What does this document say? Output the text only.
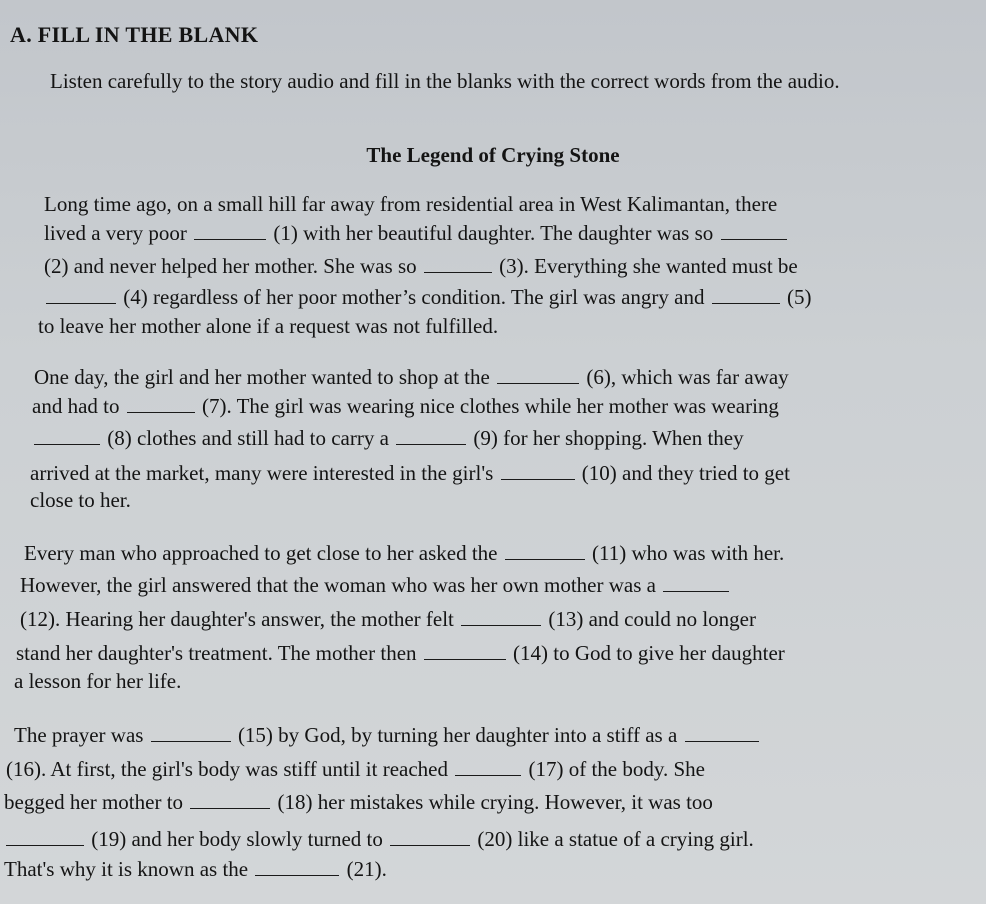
A. FILL IN THE BLANK

Listen carefully to the story audio and fill in the blanks with the correct words from the audio.

The Legend of Crying Stone
Long time ago, on a small hill far away from residential area in West Kalimantan, there
lived a very poor	(1) with her beautiful daughter. The daughter was so
(2) and never helped her mother. She was so	(3). Everything she wanted must be
(4) regardless of her poor mother’s condition. The girl was angry and	(5)
to leave her mother alone if a request was not fulfilled.
One day, the girl and her mother wanted to shop at the	(6), which was far away
and had to	(7). The girl was wearing nice clothes while her mother was wearing
(8) clothes and still had to carry a	(9) for her shopping. When they
arrived at the market, many were interested in the girl's	(10) and they tried to get
close to her.
Every man who approached to get close to her asked the	(11) who was with her.
However, the girl answered that the woman who was her own mother was a
(12). Hearing her daughter's answer, the mother felt	(13) and could no longer
stand her daughter's treatment. The mother then	(14) to God to give her daughter
a lesson for her life.
The prayer was	(15) by God, by turning her daughter into a stiff as a
(16). At first, the girl's body was stiff until it reached	(17) of the body. She
begged her mother to	(18) her mistakes while crying. However, it was too
(19) and her body slowly turned to	(20) like a statue of a crying girl.
That's why it is known as the	(21).
